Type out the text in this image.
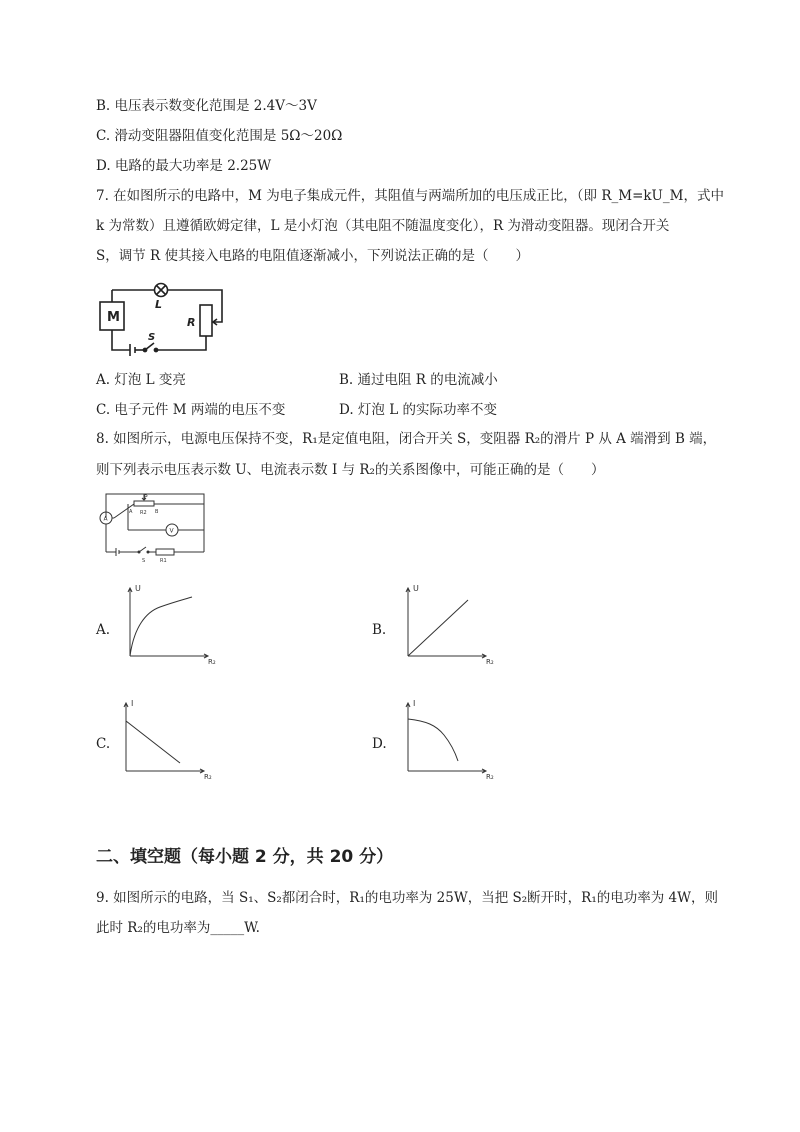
B. 电压表示数变化范围是 2.4V～3V
C. 滑动变阻器阻值变化范围是 5Ω～20Ω
D. 电路的最大功率是 2.25W
7. 在如图所示的电路中，M 为电子集成元件，其阻值与两端所加的电压成正比，（即 R_M=kU_M，式中
k 为常数）且遵循欧姆定律，L 是小灯泡（其电阻不随温度变化），R 为滑动变阻器。现闭合开关
S，调节 R 使其接入电路的电阻值逐渐减小，下列说法正确的是（　　）
M
L
R
S
A. 灯泡 L 变亮	B. 通过电阻 R 的电流减小
C. 电子元件 M 两端的电压不变	D. 灯泡 L 的实际功率不变
8. 如图所示，电源电压保持不变，R₁是定值电阻，闭合开关 S，变阻器 R₂的滑片 P 从 A 端滑到 B 端，
则下列表示电压表示数 U、电流表示数 I 与 R₂的关系图像中，可能正确的是（　　）
P
A R2 B
A
V
S	R1
A.
U
R₂
B.
U
R₂
C.
I
R₂
D.
I
R₂
二、填空题（每小题 2 分，共 20 分）
9. 如图所示的电路，当 S₁、S₂都闭合时，R₁的电功率为 25W，当把 S₂断开时，R₁的电功率为 4W，则
此时 R₂的电功率为_____W.
